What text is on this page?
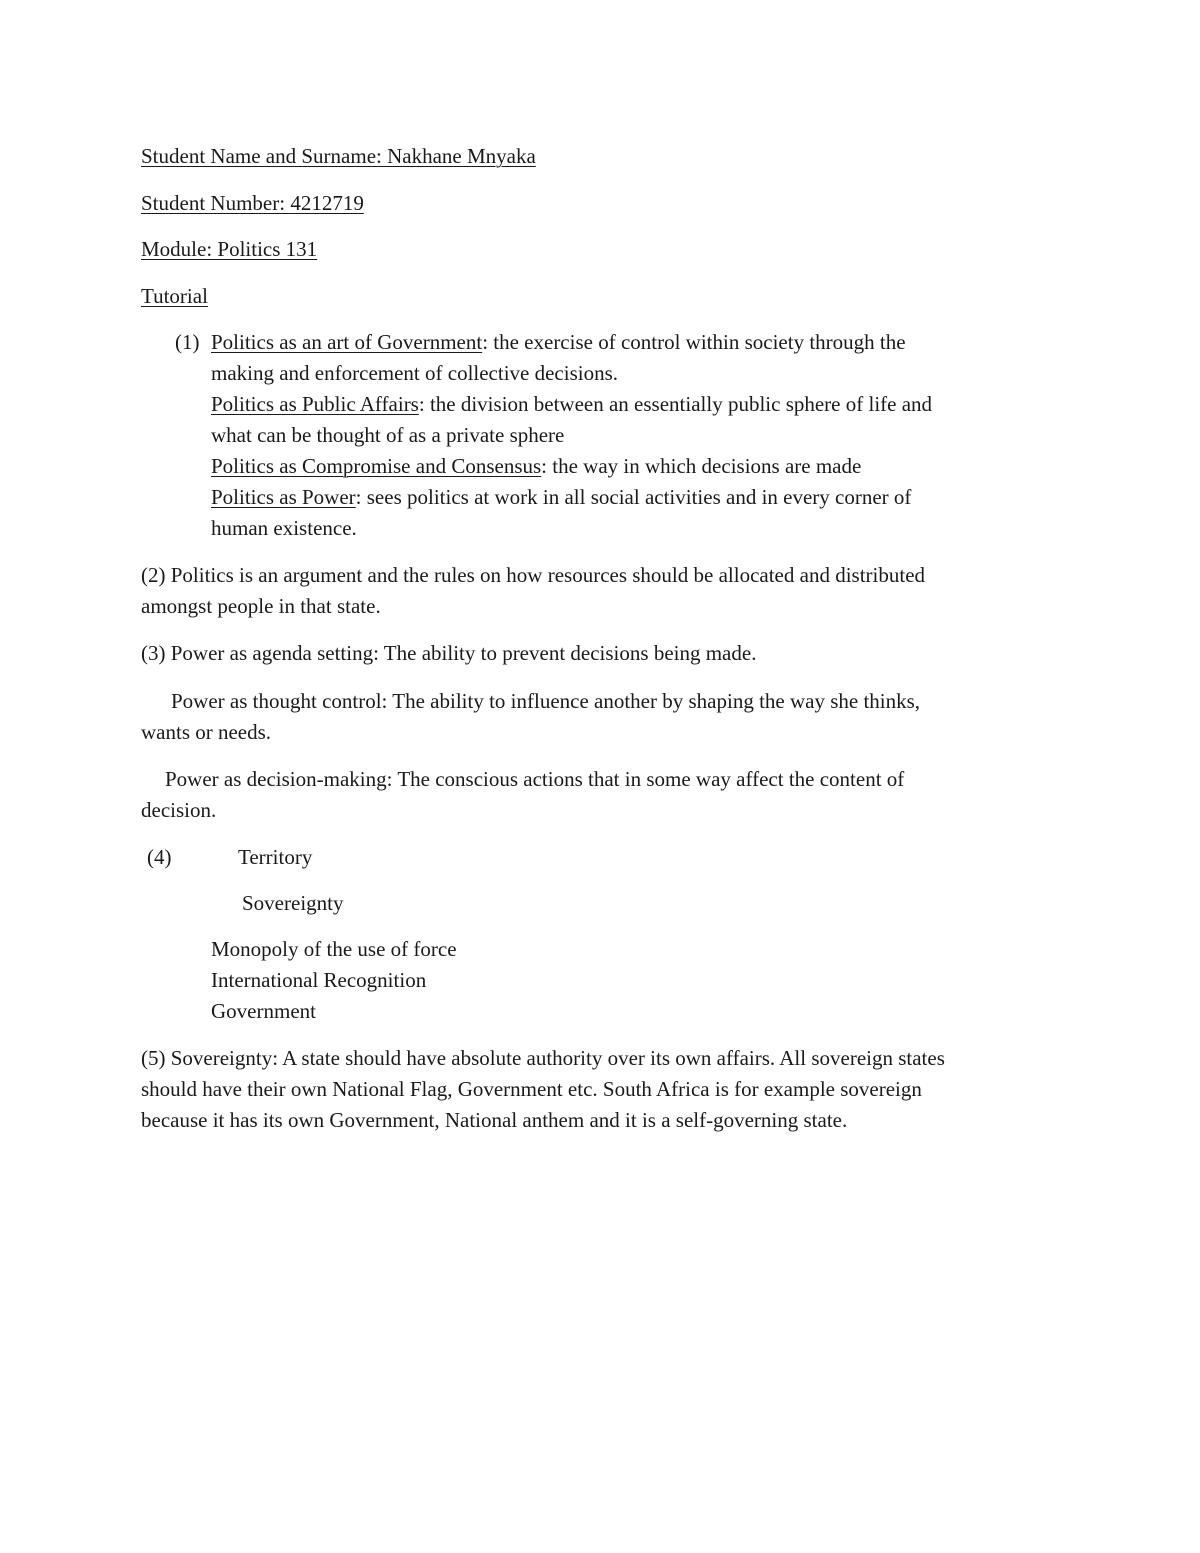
Student Name and Surname: Nakhane Mnyaka
Student Number: 4212719
Module: Politics 131
Tutorial
(1) Politics as an art of Government: the exercise of control within society through the
making and enforcement of collective decisions.
Politics as Public Affairs: the division between an essentially public sphere of life and
what can be thought of as a private sphere
Politics as Compromise and Consensus: the way in which decisions are made
Politics as Power: sees politics at work in all social activities and in every corner of
human existence.
(2) Politics is an argument and the rules on how resources should be allocated and distributed
amongst people in that state.
(3) Power as agenda setting: The ability to prevent decisions being made.
Power as thought control: The ability to influence another by shaping the way she thinks,
wants or needs.
Power as decision-making: The conscious actions that in some way affect the content of
decision.
(4)	Territory
Sovereignty
Monopoly of the use of force
International Recognition
Government
(5) Sovereignty: A state should have absolute authority over its own affairs. All sovereign states
should have their own National Flag, Government etc. South Africa is for example sovereign
because it has its own Government, National anthem and it is a self-governing state.
